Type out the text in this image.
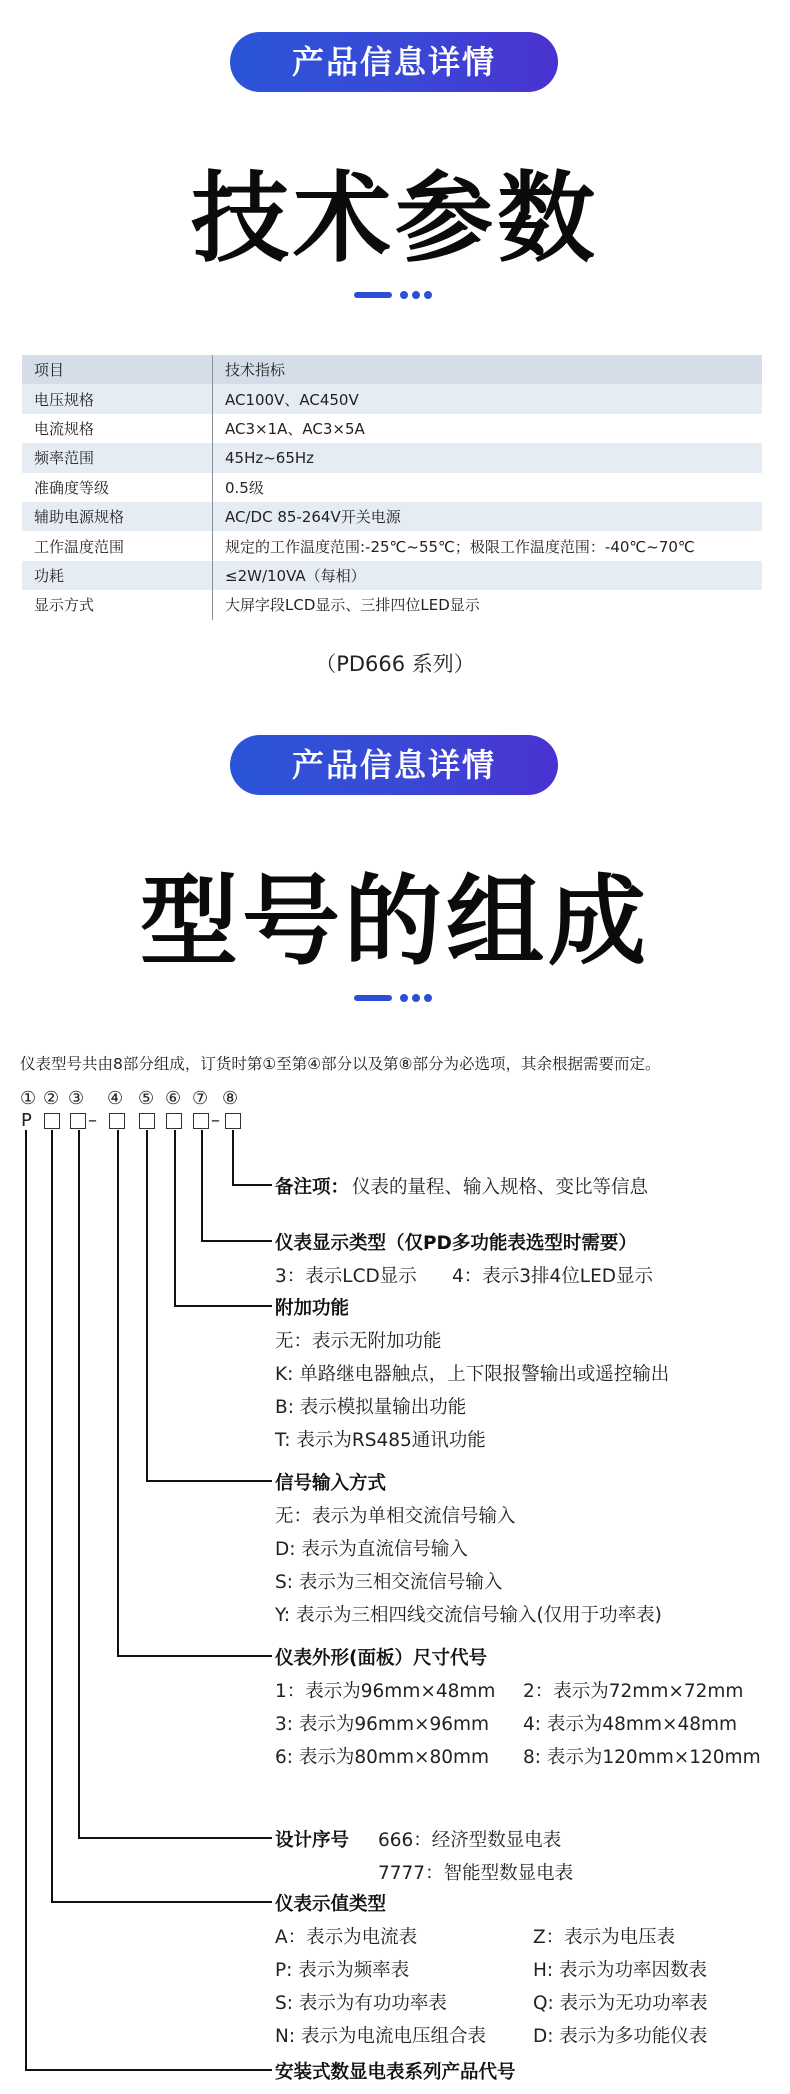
产品信息详情
技术参数
项目	技术指标
电压规格	AC100V、AC450V
电流规格	AC3×1A、AC3×5A
频率范围	45Hz~65Hz
准确度等级	0.5级
辅助电源规格	AC/DC 85-264V开关电源
工作温度范围	规定的工作温度范围:-25℃~55℃；极限工作温度范围：-40℃~70℃
功耗	≤2W/10VA（每相）
显示方式	大屏字段LCD显示、三排四位LED显示
（PD666 系列）
产品信息详情
型号的组成
仪表型号共由8部分组成，订货时第①至第④部分以及第⑧部分为必选项，其余根据需要而定。
① ② ③ ④ ⑤ ⑥ ⑦ ⑧
P	–	–
备注项： 仪表的量程、输入规格、变比等信息
仪表显示类型（仅PD多功能表选型时需要）
3：表示LCD显示 4：表示3排4位LED显示
附加功能
无：表示无附加功能
K: 单路继电器触点，上下限报警输出或遥控输出
B: 表示模拟量输出功能
T: 表示为RS485通讯功能
信号输入方式
无：表示为单相交流信号输入
D: 表示为直流信号输入
S: 表示为三相交流信号输入
Y: 表示为三相四线交流信号输入(仅用于功率表)
仪表外形(面板）尺寸代号
1：表示为96mm×48mm 2：表示为72mm×72mm
3: 表示为96mm×96mm 4: 表示为48mm×48mm
6: 表示为80mm×80mm 8: 表示为120mm×120mm
设计序号 666：经济型数显电表
7777：智能型数显电表
仪表示值类型
A：表示为电流表	Z：表示为电压表
P: 表示为频率表	H: 表示为功率因数表
S: 表示为有功功率表	Q: 表示为无功功率表
N: 表示为电流电压组合表	D: 表示为多功能仪表
安装式数显电表系列产品代号
